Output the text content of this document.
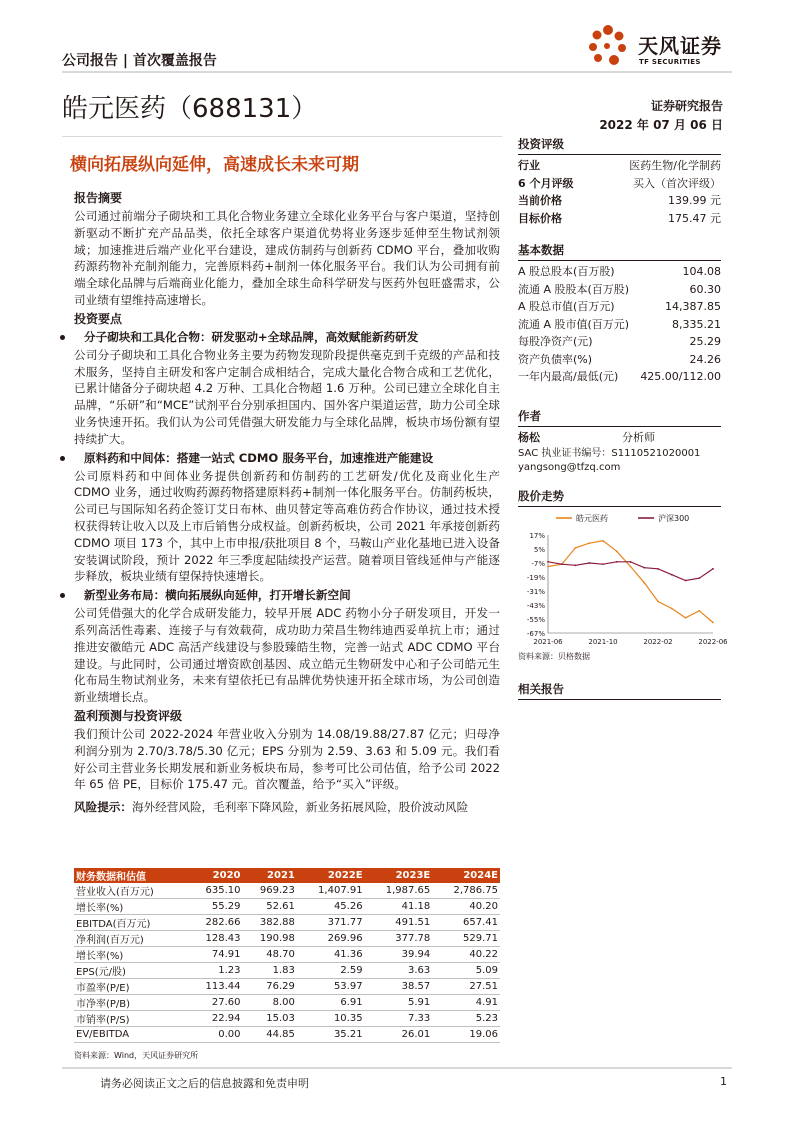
公司报告 | 首次覆盖报告
天风证券
TF SECURITIES
皓元医药（688131）	证券研究报告
2022 年 07 月 06 日
横向拓展纵向延伸，高速成长未来可期
报告摘要
公司通过前端分子砌块和工具化合物业务建立全球化业务平台与客户渠道，坚持创新驱动不断扩充产品品类，依托全球客户渠道优势将业务逐步延伸至生物试剂领域；加速推进后端产业化平台建设，建成仿制药与创新药 CDMO 平台，叠加收购药源药物补充制剂能力，完善原料药+制剂一体化服务平台。我们认为公司拥有前端全球化品牌与后端商业化能力，叠加全球生命科学研发与医药外包旺盛需求，公司业绩有望维持高速增长。
投资要点
分子砌块和工具化合物：研发驱动+全球品牌，高效赋能新药研发
公司分子砌块和工具化合物业务主要为药物发现阶段提供毫克到千克级的产品和技术服务，坚持自主研发和客户定制合成相结合，完成大量化合物合成和工艺优化，已累计储备分子砌块超 4.2 万种、工具化合物超 1.6 万种。公司已建立全球化自主品牌，“乐研”和“MCE”试剂平台分别承担国内、国外客户渠道运营，助力公司全球业务快速开拓。我们认为公司凭借强大研发能力与全球化品牌，板块市场份额有望持续扩大。
原料药和中间体：搭建一站式 CDMO 服务平台，加速推进产能建设
公司原料药和中间体业务提供创新药和仿制药的工艺研发/优化及商业化生产 CDMO 业务，通过收购药源药物搭建原料药+制剂一体化服务平台。仿制药板块，公司已与国际知名药企签订艾日布林、曲贝替定等高难仿药合作协议，通过技术授权获得转让收入以及上市后销售分成权益。创新药板块，公司 2021 年承接创新药 CDMO 项目 173 个，其中上市申报/获批项目 8 个，马鞍山产业化基地已进入设备安装调试阶段，预计 2022 年三季度起陆续投产运营。随着项目管线延伸与产能逐步释放，板块业绩有望保持快速增长。
新型业务布局：横向拓展纵向延伸，打开增长新空间
公司凭借强大的化学合成研发能力，较早开展 ADC 药物小分子研发项目，开发一系列高活性毒素、连接子与有效载荷，成功助力荣昌生物纬迪西妥单抗上市；通过推进安徽皓元 ADC 高活产线建设与参股臻皓生物，完善一站式 ADC CDMO 平台建设。与此同时，公司通过增资欧创基因、成立皓元生物研发中心和子公司皓元生化布局生物试剂业务，未来有望依托已有品牌优势快速开拓全球市场，为公司创造新业绩增长点。
盈利预测与投资评级
我们预计公司 2022-2024 年营业收入分别为 14.08/19.88/27.87 亿元；归母净利润分别为 2.70/3.78/5.30 亿元；EPS 分别为 2.59、3.63 和 5.09 元。我们看好公司主营业务长期发展和新业务板块布局，参考可比公司估值，给予公司 2022 年 65 倍 PE，目标价 175.47 元。首次覆盖，给予“买入”评级。
风险提示：海外经营风险，毛利率下降风险，新业务拓展风险，股价波动风险
财务数据和估值	2020	2021	2022E	2023E	2024E
营业收入(百万元)	635.10	969.23	1,407.91	1,987.65	2,786.75
增长率(%)	55.29	52.61	45.26	41.18	40.20
EBITDA(百万元)	282.66	382.88	371.77	491.51	657.41
净利润(百万元)	128.43	190.98	269.96	377.78	529.71
增长率(%)	74.91	48.70	41.36	39.94	40.22
EPS(元/股)	1.23	1.83	2.59	3.63	5.09
市盈率(P/E)	113.44	76.29	53.97	38.57	27.51
市净率(P/B)	27.60	8.00	6.91	5.91	4.91
市销率(P/S)	22.94	15.03	10.35	7.33	5.23
EV/EBITDA	0.00	44.85	35.21	26.01	19.06
资料来源：Wind，天风证券研究所
投资评级
行业	医药生物/化学制药
6 个月评级	买入（首次评级）
当前价格	139.99 元
目标价格	175.47 元
基本数据
A 股总股本(百万股)	104.08
流通 A 股股本(百万股)	60.30
A 股总市值(百万元)	14,387.85
流通 A 股市值(百万元)	8,335.21
每股净资产(元)	25.29
资产负债率(%)	24.26
一年内最高/最低(元) 425.00/112.00
作者
杨松	分析师
SAC 执业证书编号：S1110521020001
yangsong@tfzq.com
股价走势
皓元医药	沪深300
17%
5%
-7%
-19%
-31%
-43%
-55%
-67%
2021-06	2021-10	2022-02	2022-06
资料来源：贝格数据
相关报告
请务必阅读正文之后的信息披露和免责申明	1
